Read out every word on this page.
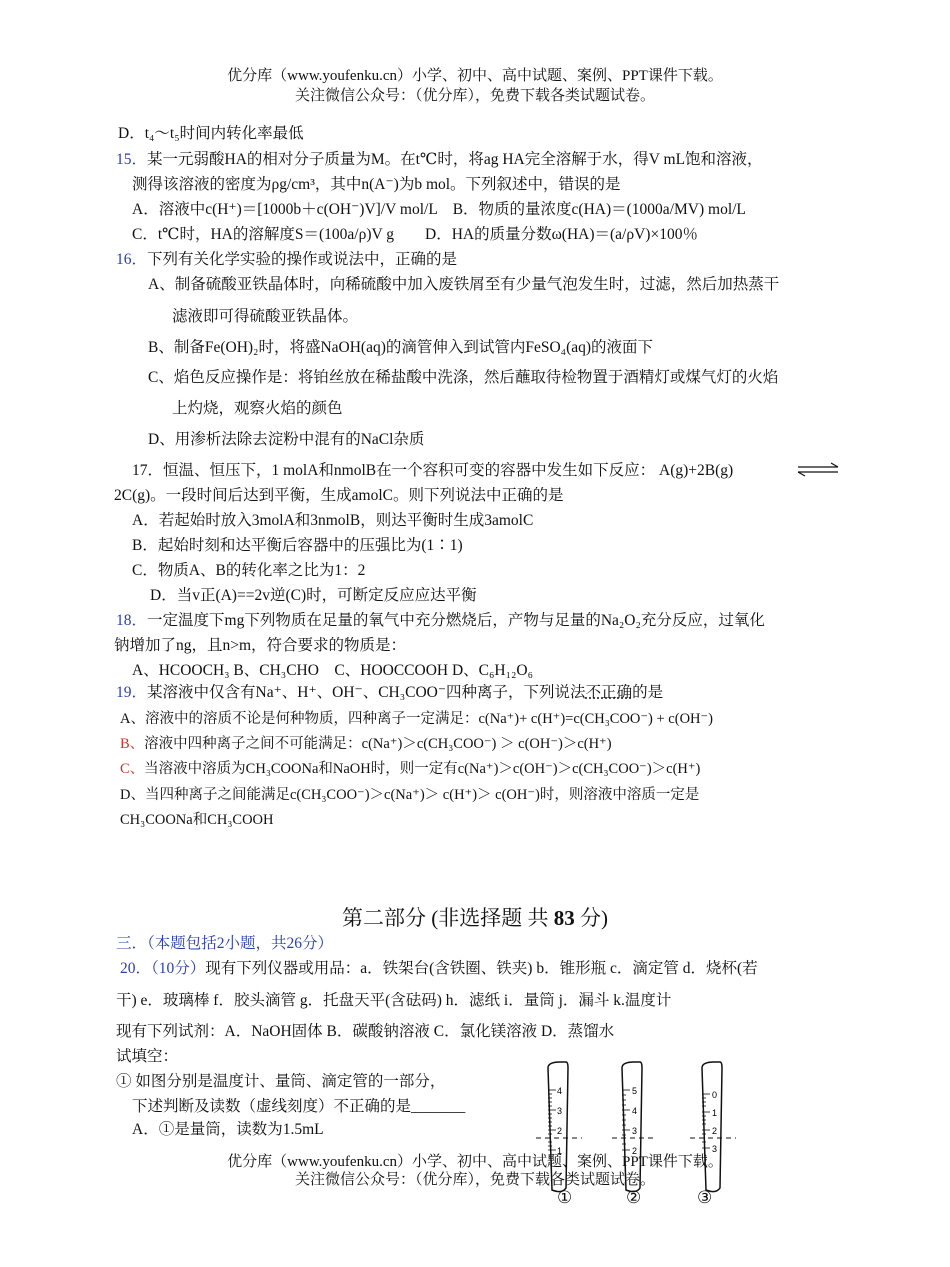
优分库（www.youfenku.cn）小学、初中、高中试题、案例、PPT课件下载。
关注微信公众号：（优分库），免费下载各类试题试卷。
D．t₄～t₅时间内转化率最低
15．某一元弱酸HA的相对分子质量为M。在t℃时，将ag HA完全溶解于水，得V mL饱和溶液，
测得该溶液的密度为ρg/cm³，其中n(A⁻)为b mol。下列叙述中，错误的是
A．溶液中c(H⁺)＝[1000b＋c(OH⁻)V]/V mol/L　B．物质的量浓度c(HA)＝(1000a/MV) mol/L
C．t℃时，HA的溶解度S＝(100a/ρ)V g　　D．HA的质量分数ω(HA)＝(a/ρV)×100％
16．下列有关化学实验的操作或说法中，正确的是
A、制备硫酸亚铁晶体时，向稀硫酸中加入废铁屑至有少量气泡发生时，过滤，然后加热蒸干
滤液即可得硫酸亚铁晶体。
B、制备Fe(OH)₂时，将盛NaOH(aq)的滴管伸入到试管内FeSO₄(aq)的液面下
C、焰色反应操作是：将铂丝放在稀盐酸中洗涤，然后蘸取待检物置于酒精灯或煤气灯的火焰
上灼烧，观察火焰的颜色
D、用渗析法除去淀粉中混有的NaCl杂质
17．恒温、恒压下，1 molA和nmolB在一个容积可变的容器中发生如下反应： A(g)+2B(g)
2C(g)。一段时间后达到平衡，生成amolC。则下列说法中正确的是
A．若起始时放入3molA和3nmolB，则达平衡时生成3amolC
B．起始时刻和达平衡后容器中的压强比为(1∶1)
C．物质A、B的转化率之比为1：2
D．当v正(A)==2v逆(C)时，可断定反应应达平衡
18．一定温度下mg下列物质在足量的氧气中充分燃烧后，产物与足量的Na₂O₂充分反应，过氧化
钠增加了ng，且n>m，符合要求的物质是：
A、HCOOCH₃ B、CH₃CHO　C、HOOCCOOH D、C₆H₁₂O₆
19．某溶液中仅含有Na⁺、H⁺、OH⁻、CH₃COO⁻四种离子，下列说法不正确的是
A、溶液中的溶质不论是何种物质，四种离子一定满足：c(Na⁺)+ c(H⁺)=c(CH₃COO⁻) + c(OH⁻)
B、溶液中四种离子之间不可能满足：c(Na⁺)＞c(CH₃COO⁻) ＞ c(OH⁻)＞c(H⁺)
C、当溶液中溶质为CH₃COONa和NaOH时，则一定有c(Na⁺)＞c(OH⁻)＞c(CH₃COO⁻)＞c(H⁺)
D、当四种离子之间能满足c(CH₃COO⁻)＞c(Na⁺)＞ c(H⁺)＞ c(OH⁻)时，则溶液中溶质一定是
CH₃COONa和CH₃COOH
第二部分 (非选择题 共 83 分)
三．（本题包括2小题，共26分）
20．（10分）现有下列仪器或用品：a．铁架台(含铁圈、铁夹) b．锥形瓶 c．滴定管 d．烧杯(若
干) e．玻璃棒 f．胶头滴管 g．托盘天平(含砝码) h．滤纸 i．量筒 j．漏斗 k.温度计
现有下列试剂：A．NaOH固体 B．碳酸钠溶液 C．氯化镁溶液 D．蒸馏水
试填空：
① 如图分别是温度计、量筒、滴定管的一部分，
下述判断及读数（虚线刻度）不正确的是_______
A．①是量筒，读数为1.5mL
4
3
2
1
5
4
3
2
0
1
2
3
优分库（www.youfenku.cn）小学、初中、高中试题、案例、PPT课件下载。
关注微信公众号：（优分库），免费下载各类试题试卷。
①	②	③
